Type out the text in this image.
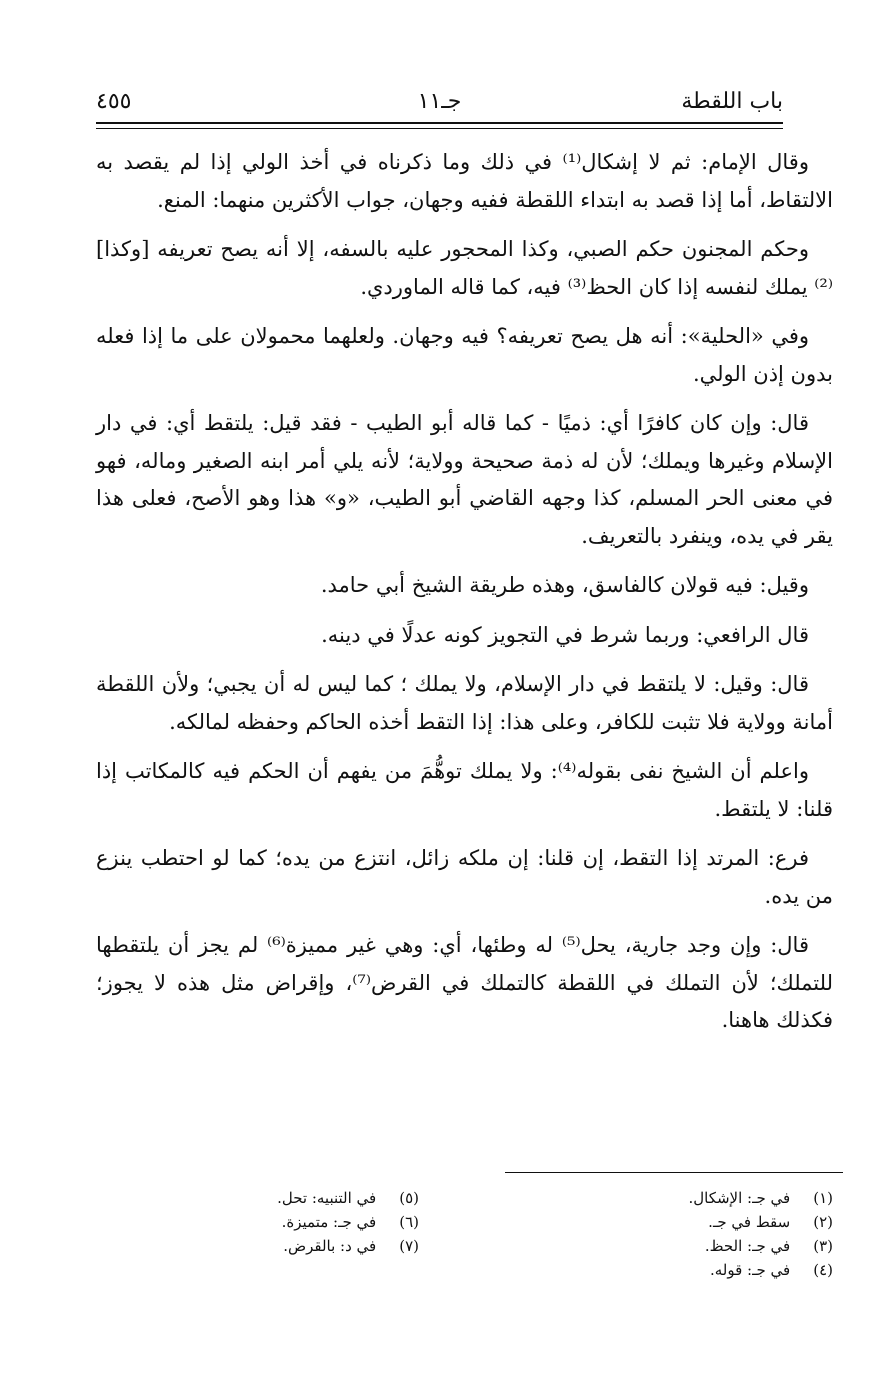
باب اللقطة
جـ١١
٤٥٥

وقال الإمام: ثم لا إشكال⁽¹⁾ في ذلك وما ذكرناه في أخذ الولي إذا لم يقصد به الالتقاط، أما إذا قصد به ابتداء اللقطة ففيه وجهان، جواب الأكثرين منهما: المنع.

وحكم المجنون حكم الصبي، وكذا المحجور عليه بالسفه، إلا أنه يصح تعريفه [وكذا]⁽²⁾ يملك لنفسه إذا كان الحظ⁽³⁾ فيه، كما قاله الماوردي.

وفي «الحلية»: أنه هل يصح تعريفه؟ فيه وجهان. ولعلهما محمولان على ما إذا فعله بدون إذن الولي.

قال: وإن كان كافرًا أي: ذميًا - كما قاله أبو الطيب - فقد قيل: يلتقط أي: في دار الإسلام وغيرها ويملك؛ لأن له ذمة صحيحة وولاية؛ لأنه يلي أمر ابنه الصغير وماله، فهو في معنى الحر المسلم، كذا وجهه القاضي أبو الطيب، «و» هذا وهو الأصح، فعلى هذا يقر في يده، وينفرد بالتعريف.

وقيل: فيه قولان كالفاسق، وهذه طريقة الشيخ أبي حامد.

قال الرافعي: وربما شرط في التجويز كونه عدلًا في دينه.

قال: وقيل: لا يلتقط في دار الإسلام، ولا يملك ؛ كما ليس له أن يجبي؛ ولأن اللقطة أمانة وولاية فلا تثبت للكافر، وعلى هذا: إذا التقط أخذه الحاكم وحفظه لمالكه.

واعلم أن الشيخ نفى بقوله⁽⁴⁾: ولا يملك توهُّمَ من يفهم أن الحكم فيه كالمكاتب إذا قلنا: لا يلتقط.

فرع: المرتد إذا التقط، إن قلنا: إن ملكه زائل، انتزع من يده؛ كما لو احتطب ينزع من يده.

قال: وإن وجد جارية، يحل⁽⁵⁾ له وطئها، أي: وهي غير مميزة⁽⁶⁾ لم يجز أن يلتقطها للتملك؛ لأن التملك في اللقطة كالتملك في القرض⁽⁷⁾، وإقراض مثل هذه لا يجوز؛ فكذلك هاهنا.

(١) في جـ: الإشكال.
(٢) سقط في جـ.
(٣) في جـ: الحظ.
(٤) في جـ: قوله.
(٥) في التنبيه: تحل.
(٦) في جـ: متميزة.
(٧) في د: بالقرض.
